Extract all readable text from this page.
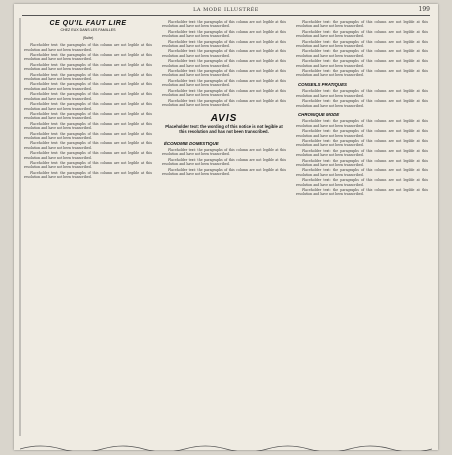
LA MODE ILLUSTRÉE	199
CE QU'IL FAUT LIRE
CHEZ EUX DANS LES FAMILLES
(Suite)

Placeholder text: the paragraphs of this column are not legible at this resolution and have not been transcribed.

Placeholder text: the paragraphs of this column are not legible at this resolution and have not been transcribed.

Placeholder text: the paragraphs of this column are not legible at this resolution and have not been transcribed.

Placeholder text: the paragraphs of this column are not legible at this resolution and have not been transcribed.

Placeholder text: the paragraphs of this column are not legible at this resolution and have not been transcribed.

Placeholder text: the paragraphs of this column are not legible at this resolution and have not been transcribed.

Placeholder text: the paragraphs of this column are not legible at this resolution and have not been transcribed.

Placeholder text: the paragraphs of this column are not legible at this resolution and have not been transcribed.

Placeholder text: the paragraphs of this column are not legible at this resolution and have not been transcribed.

Placeholder text: the paragraphs of this column are not legible at this resolution and have not been transcribed.

Placeholder text: the paragraphs of this column are not legible at this resolution and have not been transcribed.

Placeholder text: the paragraphs of this column are not legible at this resolution and have not been transcribed.

Placeholder text: the paragraphs of this column are not legible at this resolution and have not been transcribed.

Placeholder text: the paragraphs of this column are not legible at this resolution and have not been transcribed.

Placeholder text: the paragraphs of this column are not legible at this resolution and have not been transcribed.

Placeholder text: the paragraphs of this column are not legible at this resolution and have not been transcribed.

Placeholder text: the paragraphs of this column are not legible at this resolution and have not been transcribed.

Placeholder text: the paragraphs of this column are not legible at this resolution and have not been transcribed.

Placeholder text: the paragraphs of this column are not legible at this resolution and have not been transcribed.

Placeholder text: the paragraphs of this column are not legible at this resolution and have not been transcribed.

Placeholder text: the paragraphs of this column are not legible at this resolution and have not been transcribed.

Placeholder text: the paragraphs of this column are not legible at this resolution and have not been transcribed.

Placeholder text: the paragraphs of this column are not legible at this resolution and have not been transcribed.

AVIS
Placeholder text: the wording of this notice is not legible at this resolution and has not been transcribed.
ÉCONOMIE DOMESTIQUE

Placeholder text: the paragraphs of this column are not legible at this resolution and have not been transcribed.

Placeholder text: the paragraphs of this column are not legible at this resolution and have not been transcribed.

Placeholder text: the paragraphs of this column are not legible at this resolution and have not been transcribed.

Placeholder text: the paragraphs of this column are not legible at this resolution and have not been transcribed.

Placeholder text: the paragraphs of this column are not legible at this resolution and have not been transcribed.

Placeholder text: the paragraphs of this column are not legible at this resolution and have not been transcribed.

Placeholder text: the paragraphs of this column are not legible at this resolution and have not been transcribed.

Placeholder text: the paragraphs of this column are not legible at this resolution and have not been transcribed.

Placeholder text: the paragraphs of this column are not legible at this resolution and have not been transcribed.

CONSEILS PRATIQUES

Placeholder text: the paragraphs of this column are not legible at this resolution and have not been transcribed.

Placeholder text: the paragraphs of this column are not legible at this resolution and have not been transcribed.

CHRONIQUE MODE

Placeholder text: the paragraphs of this column are not legible at this resolution and have not been transcribed.

Placeholder text: the paragraphs of this column are not legible at this resolution and have not been transcribed.

Placeholder text: the paragraphs of this column are not legible at this resolution and have not been transcribed.

Placeholder text: the paragraphs of this column are not legible at this resolution and have not been transcribed.

Placeholder text: the paragraphs of this column are not legible at this resolution and have not been transcribed.

Placeholder text: the paragraphs of this column are not legible at this resolution and have not been transcribed.

Placeholder text: the paragraphs of this column are not legible at this resolution and have not been transcribed.

Placeholder text: the paragraphs of this column are not legible at this resolution and have not been transcribed.
